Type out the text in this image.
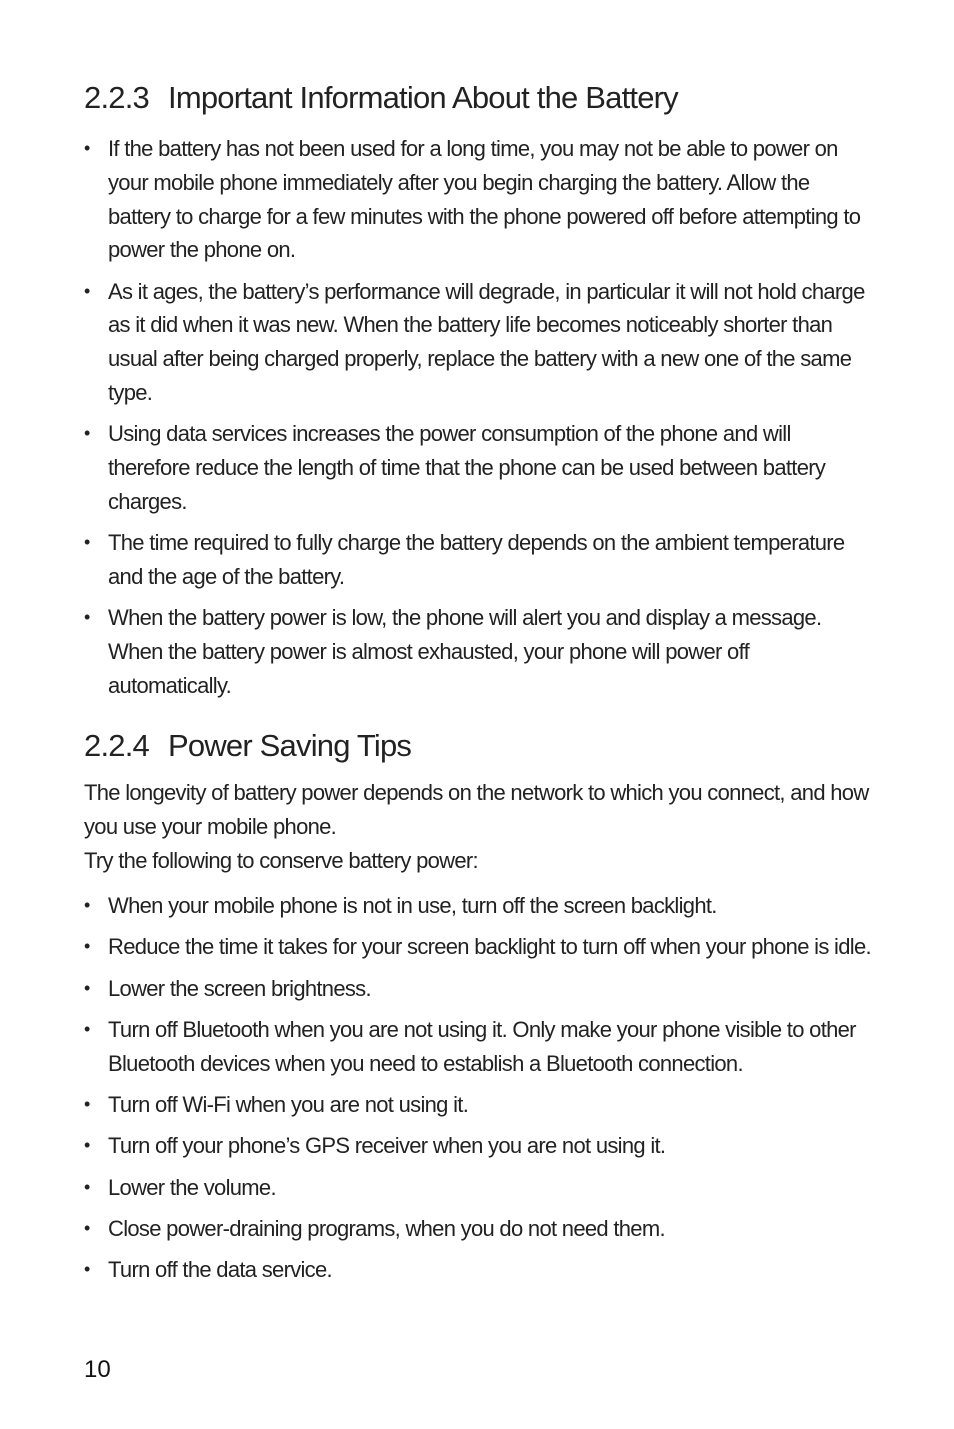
2.2.3 Important Information About the Battery
• If the battery has not been used for a long time, you may not be able to power on your mobile phone immediately after you begin charging the battery. Allow the battery to charge for a few minutes with the phone powered off before attempting to power the phone on.
• As it ages, the battery’s performance will degrade, in particular it will not hold charge as it did when it was new. When the battery life becomes noticeably shorter than usual after being charged properly, replace the battery with a new one of the same type.
• Using data services increases the power consumption of the phone and will therefore reduce the length of time that the phone can be used between battery charges.
• The time required to fully charge the battery depends on the ambient temperature and the age of the battery.
• When the battery power is low, the phone will alert you and display a message. When the battery power is almost exhausted, your phone will power off automatically.
2.2.4 Power Saving Tips

The longevity of battery power depends on the network to which you connect, and how you use your mobile phone.

Try the following to conserve battery power:

• When your mobile phone is not in use, turn off the screen backlight.
• Reduce the time it takes for your screen backlight to turn off when your phone is idle.
• Lower the screen brightness.
• Turn off Bluetooth when you are not using it. Only make your phone visible to other Bluetooth devices when you need to establish a Bluetooth connection.
• Turn off Wi-Fi when you are not using it.
• Turn off your phone’s GPS receiver when you are not using it.
• Lower the volume.
• Close power-draining programs, when you do not need them.
• Turn off the data service.
10
